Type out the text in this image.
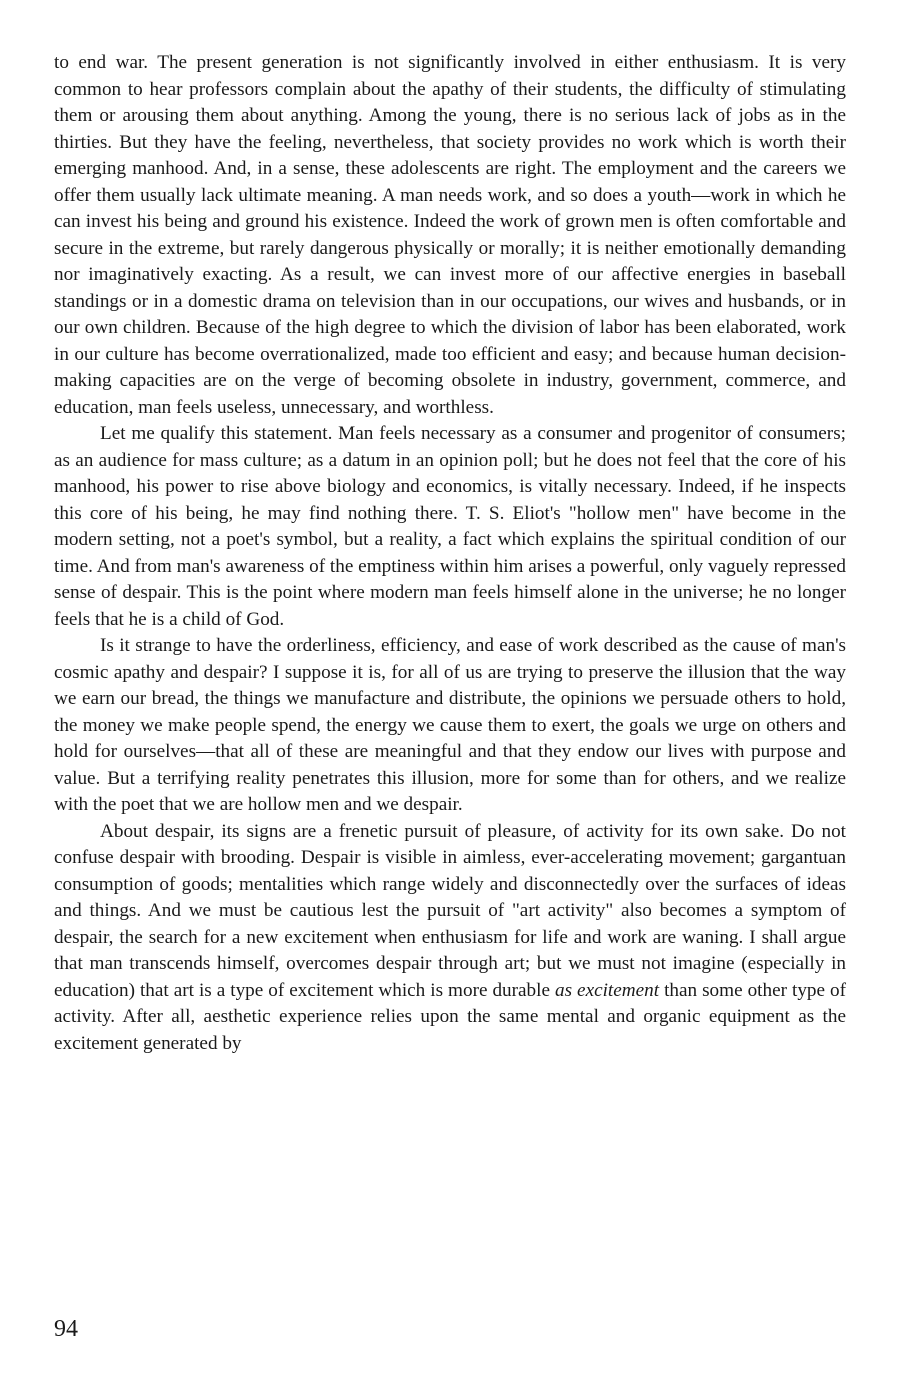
to end war. The present generation is not significantly involved in either enthusiasm. It is very common to hear professors complain about the apathy of their students, the difficulty of stimulating them or arousing them about anything. Among the young, there is no serious lack of jobs as in the thirties. But they have the feeling, nevertheless, that society provides no work which is worth their emerging manhood. And, in a sense, these adolescents are right. The employment and the careers we offer them usually lack ultimate meaning. A man needs work, and so does a youth—work in which he can invest his being and ground his existence. Indeed the work of grown men is often comfortable and secure in the extreme, but rarely dangerous physically or morally; it is neither emotionally demanding nor imaginatively exacting. As a result, we can invest more of our affective energies in baseball standings or in a domestic drama on television than in our occupations, our wives and husbands, or in our own children. Because of the high degree to which the division of labor has been elaborated, work in our culture has become overrationalized, made too efficient and easy; and because human decision-making capacities are on the verge of becoming obsolete in industry, government, commerce, and education, man feels useless, unnecessary, and worthless.

Let me qualify this statement. Man feels necessary as a consumer and progenitor of consumers; as an audience for mass culture; as a datum in an opinion poll; but he does not feel that the core of his manhood, his power to rise above biology and economics, is vitally necessary. Indeed, if he inspects this core of his being, he may find nothing there. T. S. Eliot's "hollow men" have become in the modern setting, not a poet's symbol, but a reality, a fact which explains the spiritual condition of our time. And from man's awareness of the emptiness within him arises a powerful, only vaguely repressed sense of despair. This is the point where modern man feels himself alone in the universe; he no longer feels that he is a child of God.

Is it strange to have the orderliness, efficiency, and ease of work described as the cause of man's cosmic apathy and despair? I suppose it is, for all of us are trying to preserve the illusion that the way we earn our bread, the things we manufacture and distribute, the opinions we persuade others to hold, the money we make people spend, the energy we cause them to exert, the goals we urge on others and hold for ourselves—that all of these are meaningful and that they endow our lives with purpose and value. But a terrifying reality penetrates this illusion, more for some than for others, and we realize with the poet that we are hollow men and we despair.

About despair, its signs are a frenetic pursuit of pleasure, of activity for its own sake. Do not confuse despair with brooding. Despair is visible in aimless, ever-accelerating movement; gargantuan consumption of goods; mentalities which range widely and disconnectedly over the surfaces of ideas and things. And we must be cautious lest the pursuit of "art activity" also becomes a symptom of despair, the search for a new excitement when enthusiasm for life and work are waning. I shall argue that man transcends himself, overcomes despair through art; but we must not imagine (especially in education) that art is a type of excitement which is more durable as excitement than some other type of activity. After all, aesthetic experience relies upon the same mental and organic equipment as the excitement generated by

94
